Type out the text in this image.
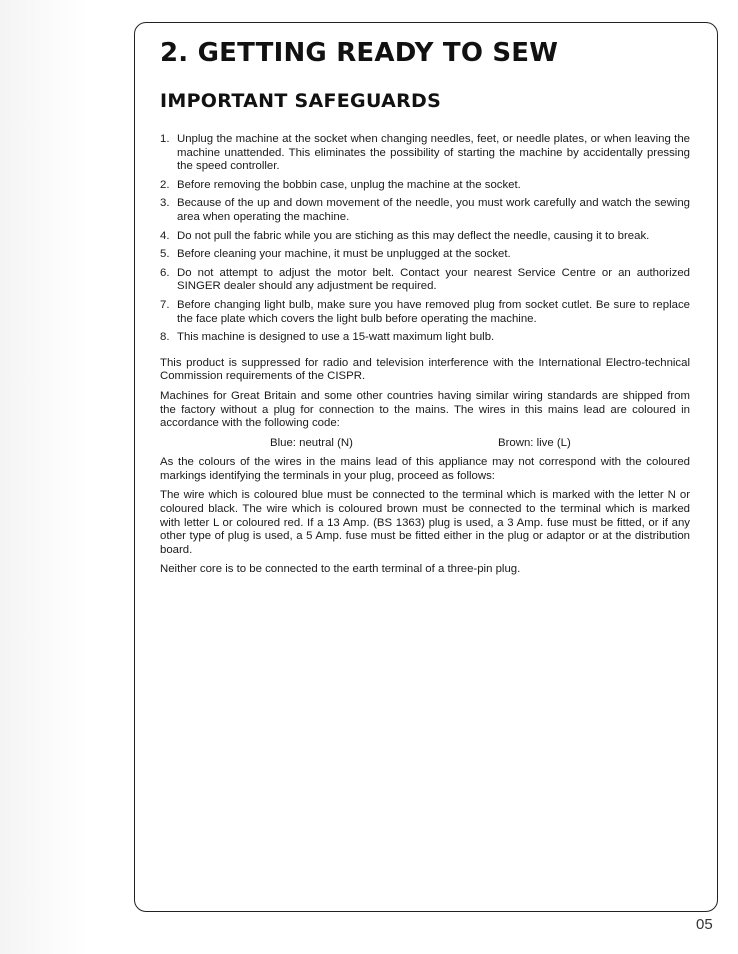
2. GETTING READY TO SEW
IMPORTANT SAFEGUARDS
1. Unplug the machine at the socket when changing needles, feet, or needle plates, or when leaving the machine unattended. This eliminates the possibility of starting the machine by accidentally pressing the speed controller.
2. Before removing the bobbin case, unplug the machine at the socket.
3. Because of the up and down movement of the needle, you must work carefully and watch the sewing area when operating the machine.
4. Do not pull the fabric while you are stiching as this may deflect the needle, causing it to break.
5. Before cleaning your machine, it must be unplugged at the socket.
6. Do not attempt to adjust the motor belt. Contact your nearest Service Centre or an authorized SINGER dealer should any adjustment be required.
7. Before changing light bulb, make sure you have removed plug from socket cutlet. Be sure to replace the face plate which covers the light bulb before operating the machine.
8. This machine is designed to use a 15-watt maximum light bulb.

This product is suppressed for radio and television interference with the International Electro-technical Commission requirements of the CISPR.

Machines for Great Britain and some other countries having similar wiring standards are shipped from the factory without a plug for connection to the mains. The wires in this mains lead are coloured in accordance with the following code:

Blue: neutral (N)	Brown: live (L)

As the colours of the wires in the mains lead of this appliance may not correspond with the coloured markings identifying the terminals in your plug, proceed as follows:

The wire which is coloured blue must be connected to the terminal which is marked with the letter N or coloured black. The wire which is coloured brown must be connected to the terminal which is marked with letter L or coloured red. If a 13 Amp. (BS 1363) plug is used, a 3 Amp. fuse must be fitted, or if any other type of plug is used, a 5 Amp. fuse must be fitted either in the plug or adaptor or at the distribution board.

Neither core is to be connected to the earth terminal of a three-pin plug.

05
